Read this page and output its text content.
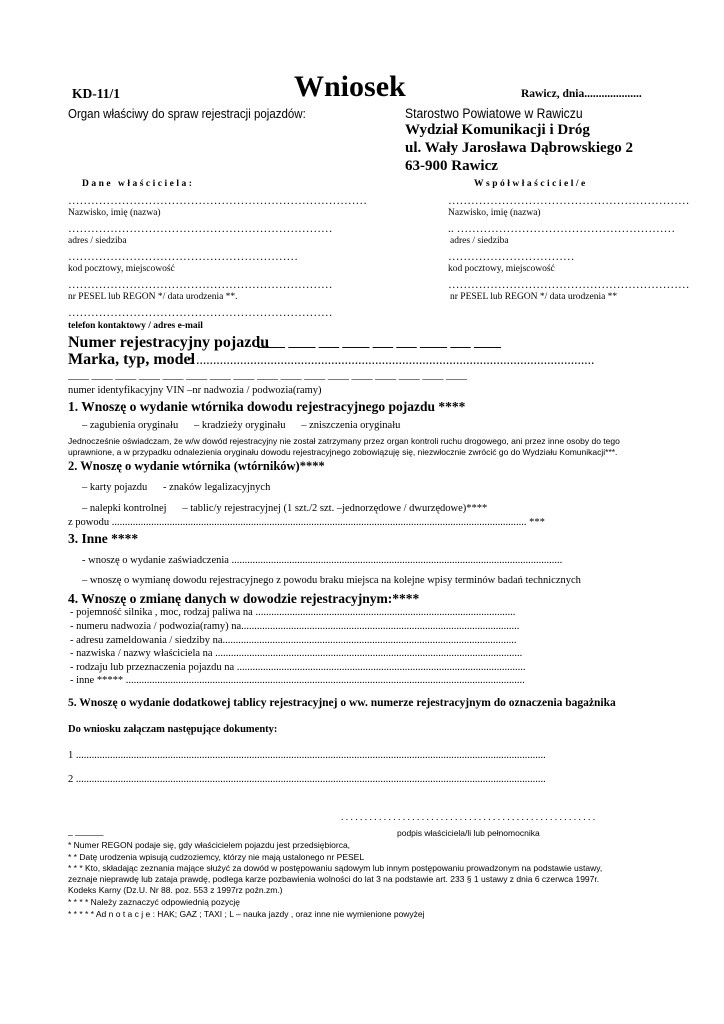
KD-11/1	Wniosek	Rawicz, dnia....................
Organ właściwy do spraw rejestracji pojazdów:	Starostwo Powiatowe w Rawiczu
Wydział Komunikacji i Dróg
ul. Wały Jarosława Dąbrowskiego 2
63-900 Rawicz
Dane właściciela:
……………………………………………………………………
Nazwisko, imię (nazwa)
……………………………………………………………
adres / siedziba
……………………………………………………
kod pocztowy, miejscowość
……………………………………………………………
nr PESEL lub REGON */ data urodzenia **.
……………………………………………………………
telefon kontaktowy / adres e-mail
Współwłaściciel/e
………………………………………………………
Nazwisko, imię (nazwa)
.. …………………………………………………
adres / siedziba
……………………………
kod pocztowy, miejscowość
………………………………………………………
nr PESEL lub REGON */ data urodzenia **
Numer rejestracyjny pojazdu
____ ____ ___ ____ ___ ___ ____ ___ ____
Marka, typ, model
: ......................................................................................................................
____ ____ ____ ____ ____ ____ ____ ____ ____ ____ ____ ____ ____ ____ ____ ____ ____
numer identyfikacyjny VIN –nr nadwozia / podwozia(ramy)
1. Wnoszę o wydanie wtórnika dowodu rejestracyjnego pojazdu ****
– zagubienia oryginału      – kradzieży oryginału      – zniszczenia oryginału
Jednocześnie oświadczam, że w/w dowód rejestracyjny nie został zatrzymany przez organ kontroli ruchu drogowego, ani przez inne osoby do tego uprawnione, a w przypadku odnalezienia oryginału dowodu rejestracyjnego zobowiązuję się, niezwłocznie zwrócić go do Wydziału Komunikacji***.
2. Wnoszę o wydanie wtórnika (wtórników)****
– karty pojazdu      - znaków legalizacyjnych
– nalepki kontrolnej      – tablic/y rejestracyjnej (1 szt./2 szt. –jednorzędowe / dwurzędowe)****
z powodu .............................................................................................................................................................. ***
3. Inne ****
- wnoszę o wydanie zaświadczenia ..............................................................................................................................
– wnoszę o wymianę dowodu rejestracyjnego z powodu braku miejsca na kolejne wpisy terminów badań technicznych
4. Wnoszę o zmianę danych w dowodzie rejestracyjnym:****
- pojemność silnika , moc, rodzaj paliwa na ...................................................................................................
- numeru nadwozia / podwozia(ramy) na..........................................................................................................
- adresu zameldowania / siedziby na................................................................................................................
- nazwiska / nazwy właściciela na .....................................................................................................................
- rodzaju lub przeznaczenia pojazdu na ..............................................................................................................
- inne ***** ........................................................................................................................................................
5. Wnoszę o wydanie dodatkowej tablicy rejestracyjnej o ww. numerze rejestracyjnym do oznaczenia bagażnika
Do wniosku załączam następujące dokumenty:
1 ...................................................................................................................................................................................
2 ...................................................................................................................................................................................
. . . . . . . . . . . . . . . . . . . . . . . . . . . . . . . . . . . . . . . . . . . . . . . . . . . . . .
podpis właściciela/li lub pełnomocnika
_ ______
* Numer REGON podaje się, gdy właścicielem pojazdu jest przedsiębiorca,
* * Datę urodzenia wpisują cudzoziemcy, którzy nie mają ustalonego nr PESEL
* * * Kto, składając zeznania mające służyć za dowód w postępowaniu sądowym lub innym postępowaniu prowadzonym na podstawie ustawy, zeznaje nieprawdę lub zataja prawdę, podlega karze pozbawienia wolności do lat 3 na podstawie art. 233 § 1 ustawy z dnia 6 czerwca 1997r. Kodeks Karny (Dz.U. Nr 88. poz. 553 z 1997rz poźn.zm.)
* * * * Należy zaznaczyć odpowiednią pozycję
* * * * * Ad n o t a c j e : HAK; GAZ ; TAXI ; L – nauka jazdy , oraz inne nie wymienione powyżej
